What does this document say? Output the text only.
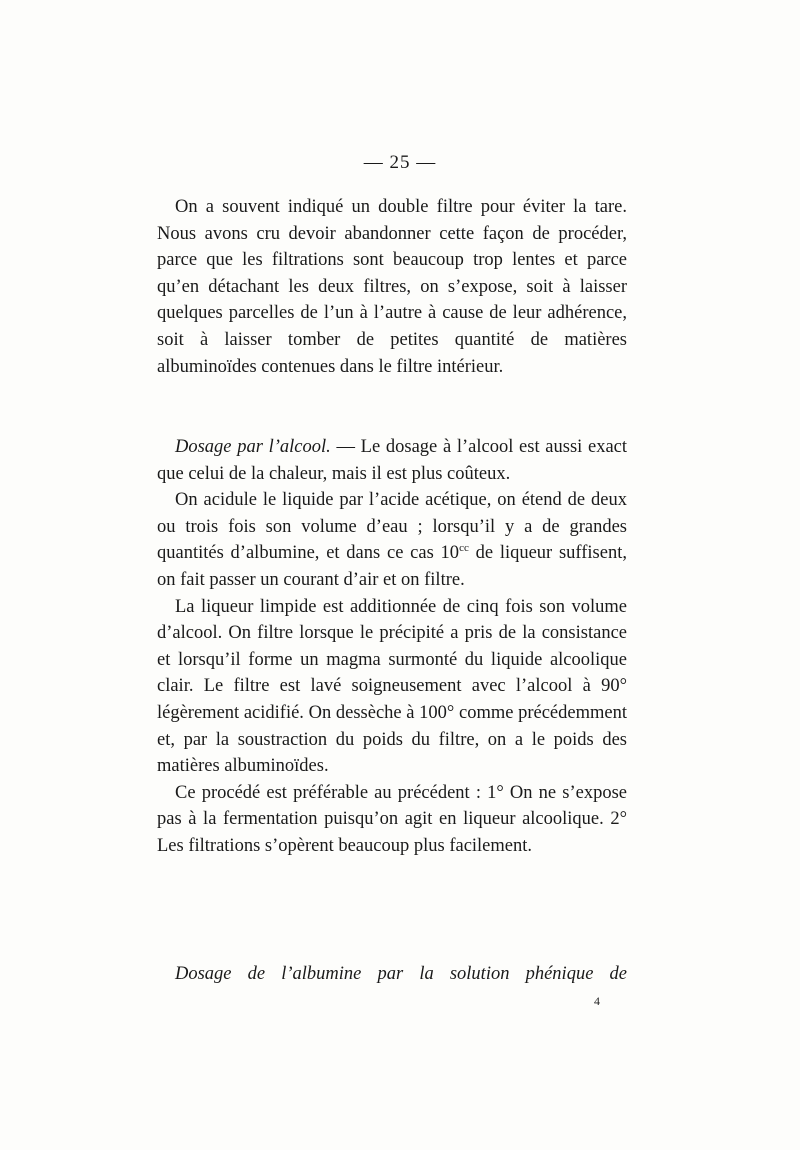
— 25 —

On a souvent indiqué un double filtre pour éviter la tare. Nous avons cru devoir abandonner cette façon de procéder, parce que les filtrations sont beaucoup trop lentes et parce qu’en détachant les deux filtres, on s’expose, soit à laisser quelques parcelles de l’un à l’autre à cause de leur adhérence, soit à laisser tomber de petites quantité de matières albuminoïdes contenues dans le filtre intérieur.

Dosage par l’alcool. — Le dosage à l’alcool est aussi exact que celui de la chaleur, mais il est plus coûteux.

On acidule le liquide par l’acide acétique, on étend de deux ou trois fois son volume d’eau ; lorsqu’il y a de grandes quantités d’albumine, et dans ce cas $10^{cc}$ de liqueur suffisent, on fait passer un courant d’air et on filtre.

La liqueur limpide est additionnée de cinq fois son volume d’alcool. On filtre lorsque le précipité a pris de la consistance et lorsqu’il forme un magma surmonté du liquide alcoolique clair. Le filtre est lavé soigneusement avec l’alcool à 90° légèrement acidifié. On dessèche à 100° comme précédemment et, par la soustraction du poids du filtre, on a le poids des matières albuminoïdes.

Ce procédé est préférable au précédent : 1° On ne s’expose pas à la fermentation puisqu’on agit en liqueur alcoolique. 2° Les filtrations s’opèrent beaucoup plus facilement.

Dosage de l’albumine par la solution phénique de

4
